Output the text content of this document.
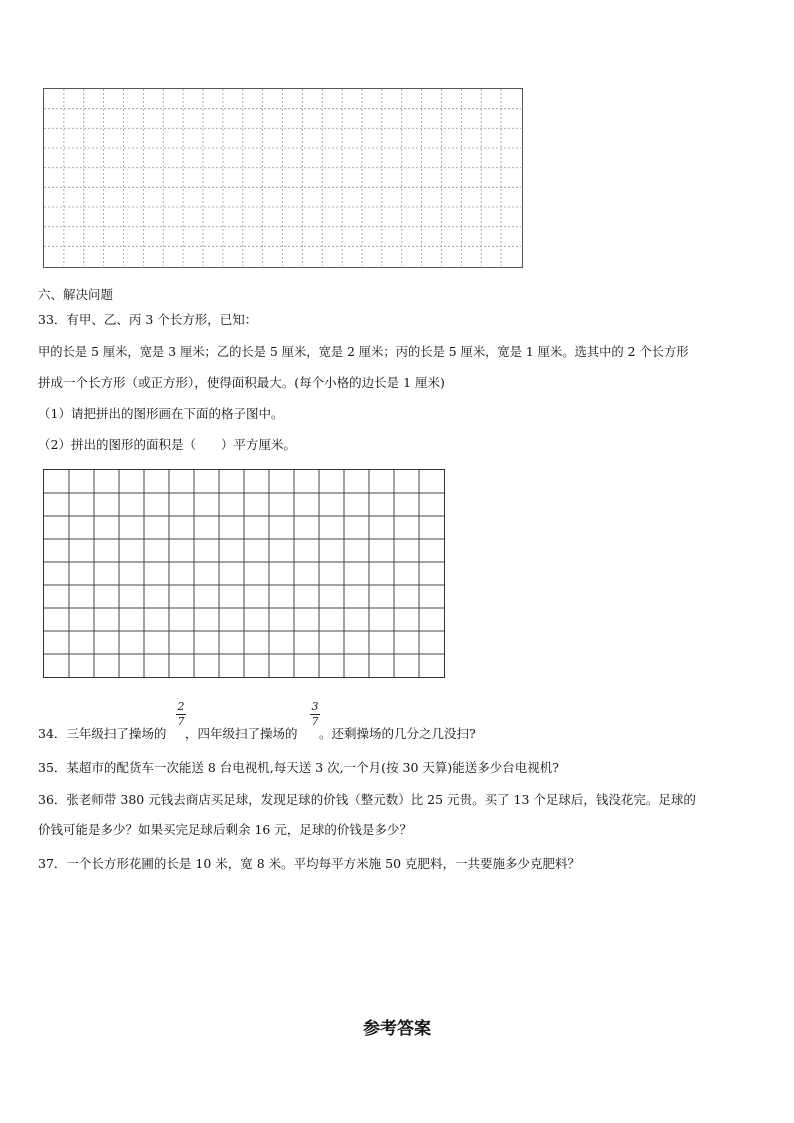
六、解决问题
33．有甲、乙、丙 3 个长方形，已知：
甲的长是 5 厘米，宽是 3 厘米；乙的长是 5 厘米，宽是 2 厘米；丙的长是 5 厘米，宽是 1 厘米。选其中的 2 个长方形
拼成一个长方形（或正方形），使得面积最大。(每个小格的边长是 1 厘米)
（1）请把拼出的图形画在下面的格子图中。
（2）拼出的图形的面积是（　　）平方厘米。
34．三年级扫了操场的
2
7
，四年级扫了操场的
3
7
。还剩操场的几分之几没扫?
35．某超市的配货车一次能送 8 台电视机,每天送 3 次,一个月(按 30 天算)能送多少台电视机?
36．张老师带 380 元钱去商店买足球，发现足球的价钱（整元数）比 25 元贵。买了 13 个足球后，钱没花完。足球的
价钱可能是多少？如果买完足球后剩余 16 元，足球的价钱是多少？
37．一个长方形花圃的长是 10 米，宽 8 米。平均每平方米施 50 克肥料，一共要施多少克肥料？
参考答案
